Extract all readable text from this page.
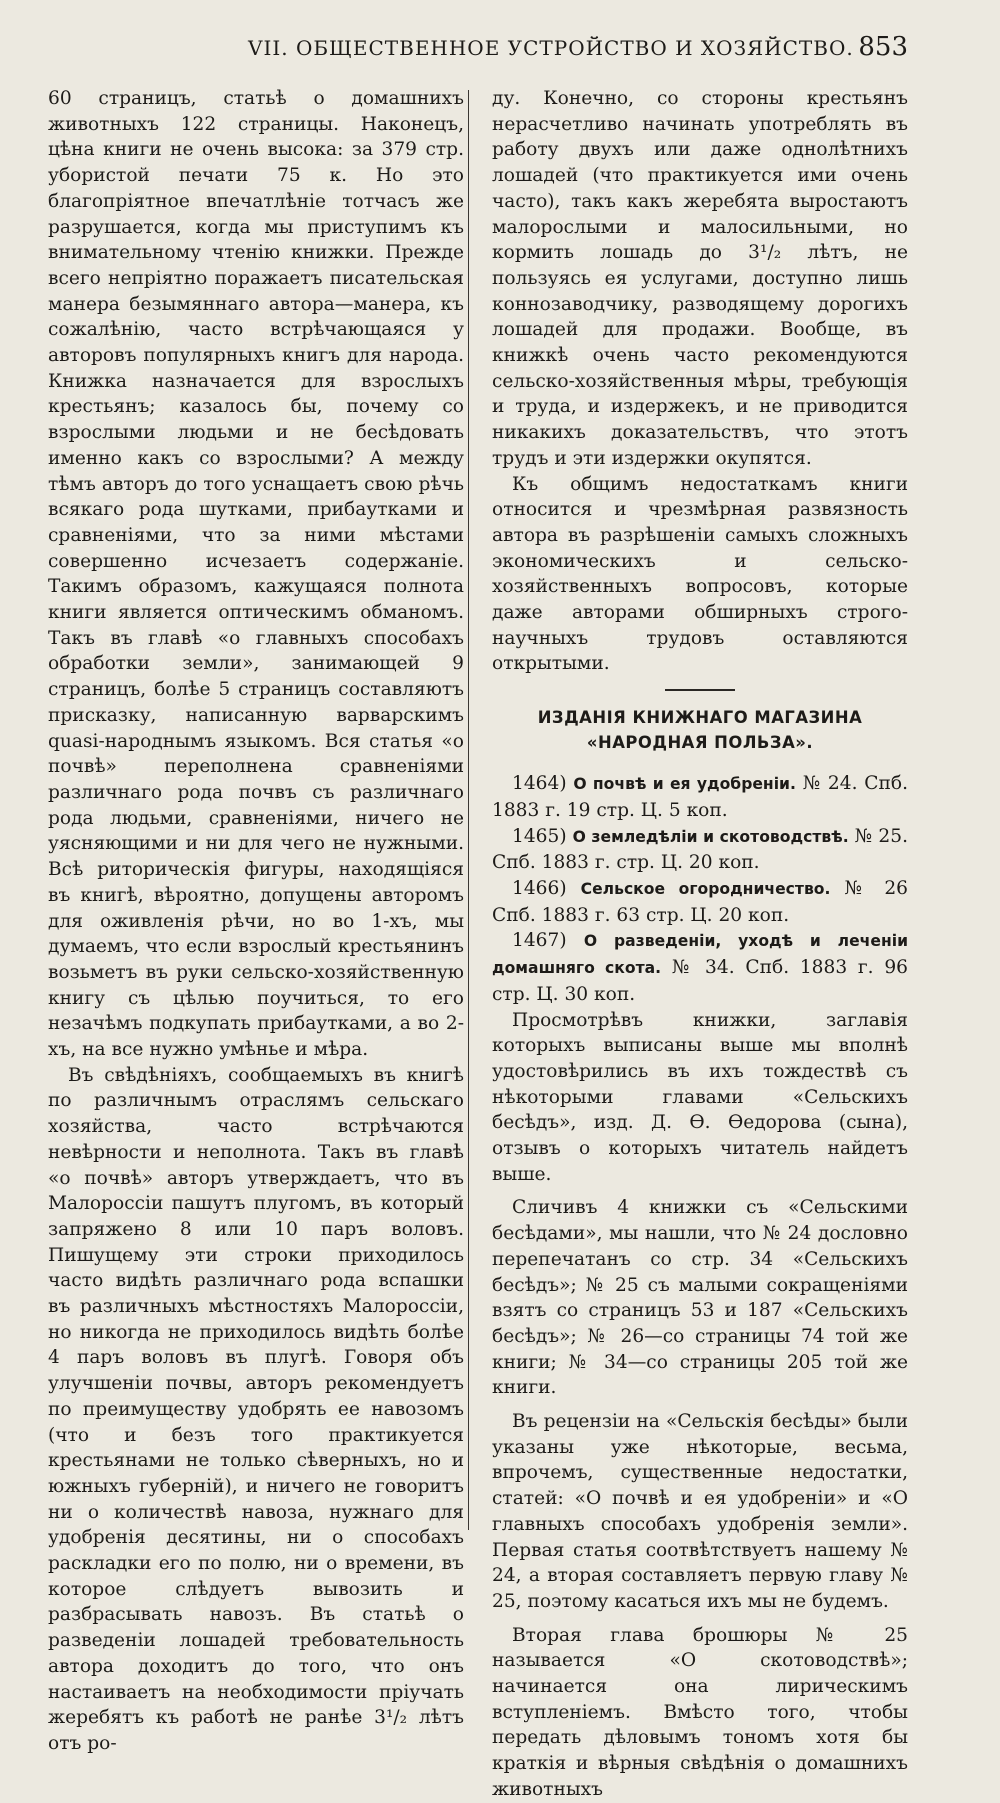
VII. ОБЩЕСТВЕННОЕ УСТРОЙСТВО И ХОЗЯЙСТВО. 853

60 страницъ, статьѣ о домашнихъ животныхъ 122 страницы. Наконецъ, цѣна книги не очень высока: за 379 стр. убористой печати 75 к. Но это благопріятное впечатлѣніе тотчасъ же разрушается, когда мы приступимъ къ внимательному чтенію книжки. Прежде всего непріятно поражаетъ писательская манера безымяннаго автора—манера, къ сожалѣнію, часто встрѣчающаяся у авторовъ популярныхъ книгъ для народа. Книжка назначается для взрослыхъ крестьянъ; казалось бы, почему со взрослыми людьми и не бесѣдовать именно какъ со взрослыми? А между тѣмъ авторъ до того уснащаетъ свою рѣчь всякаго рода шутками, прибаутками и сравненіями, что за ними мѣстами совершенно исчезаетъ содержаніе. Такимъ образомъ, кажущаяся полнота книги является оптическимъ обманомъ. Такъ въ главѣ «о главныхъ способахъ обработки земли», занимающей 9 страницъ, болѣе 5 страницъ составляютъ присказку, написанную варварскимъ quasi-народнымъ языкомъ. Вся статья «о почвѣ» переполнена сравненіями различнаго рода почвъ съ различнаго рода людьми, сравненіями, ничего не уясняющими и ни для чего не нужными. Всѣ риторическія фигуры, находящіяся въ книгѣ, вѣроятно, допущены авторомъ для оживленія рѣчи, но во 1-хъ, мы думаемъ, что если взрослый крестьянинъ возьметъ въ руки сельско-хозяйственную книгу съ цѣлью поучиться, то его незачѣмъ подкупать прибаутками, а во 2-хъ, на все нужно умѣнье и мѣра.

Въ свѣдѣніяхъ, сообщаемыхъ въ книгѣ по различнымъ отраслямъ сельскаго хозяйства, часто встрѣчаются невѣрности и неполнота. Такъ въ главѣ «о почвѣ» авторъ утверждаетъ, что въ Малороссіи пашутъ плугомъ, въ который запряжено 8 или 10 паръ воловъ. Пишущему эти строки приходилось часто видѣть различнаго рода вспашки въ различныхъ мѣстностяхъ Малороссіи, но никогда не приходилось видѣть болѣе 4 паръ воловъ въ плугѣ. Говоря объ улучшеніи почвы, авторъ рекомендуетъ по преимуществу удобрять ее навозомъ (что и безъ того практикуется крестьянами не только сѣверныхъ, но и южныхъ губерній), и ничего не говоритъ ни о количествѣ навоза, нужнаго для удобренія десятины, ни о способахъ раскладки его по полю, ни о времени, въ которое слѣдуетъ вывозить и разбрасывать навозъ. Въ статьѣ о разведеніи лошадей требовательность автора доходитъ до того, что онъ настаиваетъ на необходимости пріучать жеребятъ къ работѣ не ранѣе 3¹/₂ лѣтъ отъ ро-

ду. Конечно, со стороны крестьянъ нерасчетливо начинать употреблять въ работу двухъ или даже однолѣтнихъ лошадей (что практикуется ими очень часто), такъ какъ жеребята выростаютъ малорослыми и малосильными, но кормить лошадь до 3¹/₂ лѣтъ, не пользуясь ея услугами, доступно лишь коннозаводчику, разводящему дорогихъ лошадей для продажи. Вообще, въ книжкѣ очень часто рекомендуются сельско-хозяйственныя мѣры, требующія и труда, и издержекъ, и не приводится никакихъ доказательствъ, что этотъ трудъ и эти издержки окупятся.

Къ общимъ недостаткамъ книги относится и чрезмѣрная развязность автора въ разрѣшеніи самыхъ сложныхъ экономическихъ и сельско-хозяйственныхъ вопросовъ, которые даже авторами обширныхъ строго-научныхъ трудовъ оставляются открытыми.

ИЗДАНІЯ КНИЖНАГО МАГАЗИНА «НАРОДНАЯ ПОЛЬЗА».

1464) О почвѣ и ея удобреніи. № 24. Спб. 1883 г. 19 стр. Ц. 5 коп.

1465) О земледѣліи и скотоводствѣ. № 25. Спб. 1883 г. стр. Ц. 20 коп.

1466) Сельское огородничество. № 26 Спб. 1883 г. 63 стр. Ц. 20 коп.

1467) О разведеніи, уходѣ и леченіи домашняго скота. № 34. Спб. 1883 г. 96 стр. Ц. 30 коп.

Просмотрѣвъ книжки, заглавія которыхъ выписаны выше мы вполнѣ удостовѣрились въ ихъ тождествѣ съ нѣкоторыми главами «Сельскихъ бесѣдъ», изд. Д. Ѳ. Ѳедорова (сына), отзывъ о которыхъ читатель найдетъ выше.

Сличивъ 4 книжки съ «Сельскими бесѣдами», мы нашли, что № 24 дословно перепечатанъ со стр. 34 «Сельскихъ бесѣдъ»; № 25 съ малыми сокращеніями взятъ со страницъ 53 и 187 «Сельскихъ бесѣдъ»; № 26—со страницы 74 той же книги; № 34—со страницы 205 той же книги.

Въ рецензіи на «Сельскія бесѣды» были указаны уже нѣкоторые, весьма, впрочемъ, существенные недостатки, статей: «О почвѣ и ея удобреніи» и «О главныхъ способахъ удобренія земли». Первая статья соотвѣтствуетъ нашему № 24, а вторая составляетъ первую главу № 25, поэтому касаться ихъ мы не будемъ.

Вторая глава брошюры № 25 называется «О скотоводствѣ»; начинается она лирическимъ вступленіемъ. Вмѣсто того, чтобы передать дѣловымъ тономъ хотя бы краткія и вѣрныя свѣдѣнія о домашнихъ животныхъ
